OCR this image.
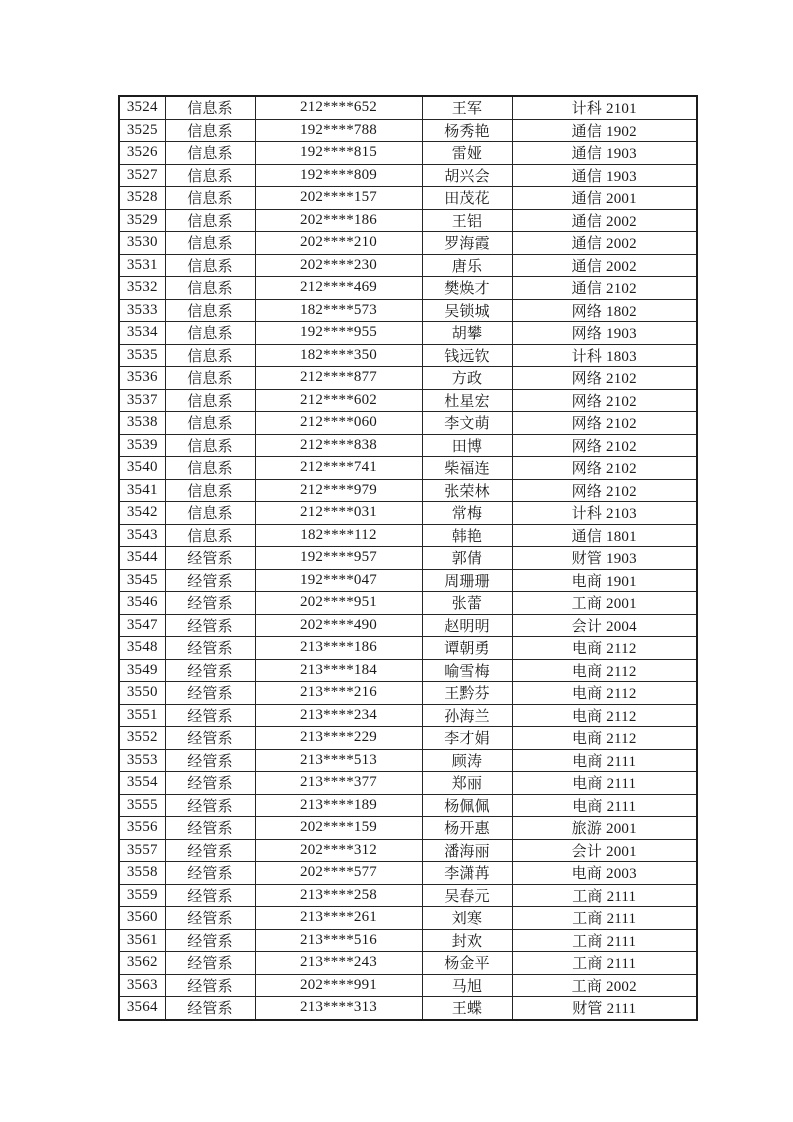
3524	信息系	212****652	王军	计科 2101
3525	信息系	192****788	杨秀艳	通信 1902
3526	信息系	192****815	雷娅	通信 1903
3527	信息系	192****809	胡兴会	通信 1903
3528	信息系	202****157	田茂花	通信 2001
3529	信息系	202****186	王铝	通信 2002
3530	信息系	202****210	罗海霞	通信 2002
3531	信息系	202****230	唐乐	通信 2002
3532	信息系	212****469	樊焕才	通信 2102
3533	信息系	182****573	吴锁城	网络 1802
3534	信息系	192****955	胡攀	网络 1903
3535	信息系	182****350	钱远钦	计科 1803
3536	信息系	212****877	方政	网络 2102
3537	信息系	212****602	杜星宏	网络 2102
3538	信息系	212****060	李文萌	网络 2102
3539	信息系	212****838	田博	网络 2102
3540	信息系	212****741	柴福连	网络 2102
3541	信息系	212****979	张荣林	网络 2102
3542	信息系	212****031	常梅	计科 2103
3543	信息系	182****112	韩艳	通信 1801
3544	经管系	192****957	郭倩	财管 1903
3545	经管系	192****047	周珊珊	电商 1901
3546	经管系	202****951	张蕾	工商 2001
3547	经管系	202****490	赵明明	会计 2004
3548	经管系	213****186	谭朝勇	电商 2112
3549	经管系	213****184	喻雪梅	电商 2112
3550	经管系	213****216	王黔芬	电商 2112
3551	经管系	213****234	孙海兰	电商 2112
3552	经管系	213****229	李才娟	电商 2112
3553	经管系	213****513	顾涛	电商 2111
3554	经管系	213****377	郑丽	电商 2111
3555	经管系	213****189	杨佩佩	电商 2111
3556	经管系	202****159	杨开惠	旅游 2001
3557	经管系	202****312	潘海丽	会计 2001
3558	经管系	202****577	李潇苒	电商 2003
3559	经管系	213****258	吴春元	工商 2111
3560	经管系	213****261	刘寒	工商 2111
3561	经管系	213****516	封欢	工商 2111
3562	经管系	213****243	杨金平	工商 2111
3563	经管系	202****991	马旭	工商 2002
3564	经管系	213****313	王蝶	财管 2111
